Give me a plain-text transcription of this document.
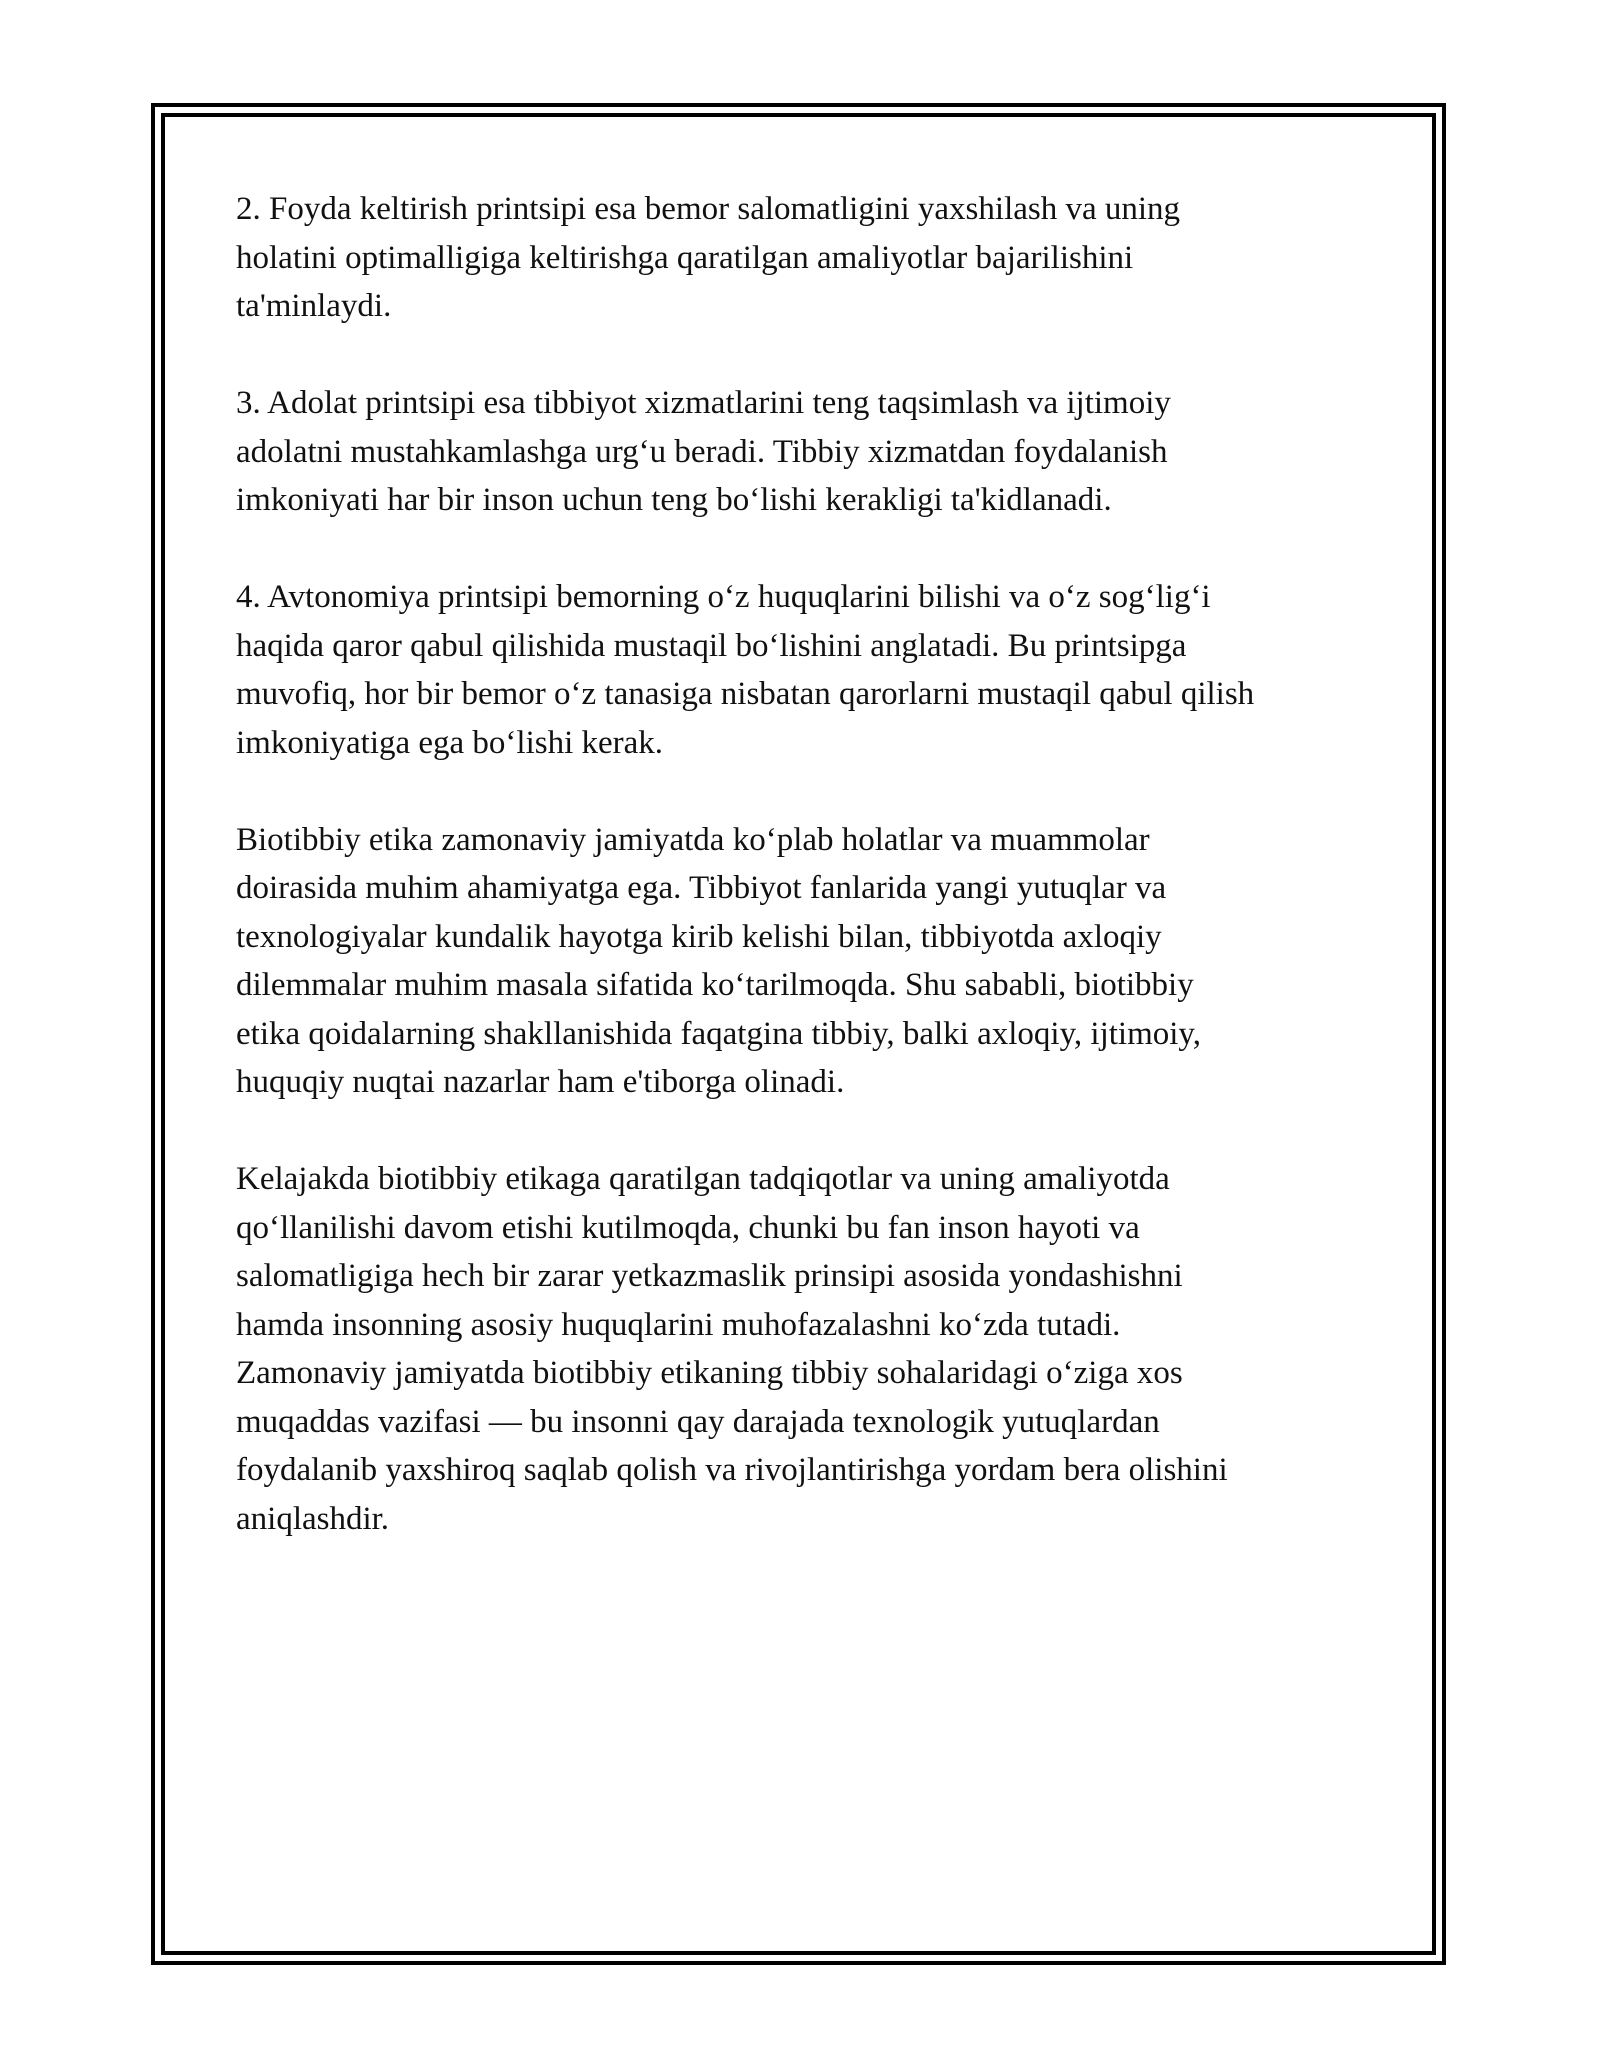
2. Foyda keltirish printsipi esa bemor salomatligini yaxshilash va uning
holatini optimalligiga keltirishga qaratilgan amaliyotlar bajarilishini
ta'minlaydi.

3. Adolat printsipi esa tibbiyot xizmatlarini teng taqsimlash va ijtimoiy
adolatni mustahkamlashga urg‘u beradi. Tibbiy xizmatdan foydalanish
imkoniyati har bir inson uchun teng bo‘lishi kerakligi ta'kidlanadi.

4. Avtonomiya printsipi bemorning o‘z huquqlarini bilishi va o‘z sog‘lig‘i
haqida qaror qabul qilishida mustaqil bo‘lishini anglatadi. Bu printsipga
muvofiq, hor bir bemor o‘z tanasiga nisbatan qarorlarni mustaqil qabul qilish
imkoniyatiga ega bo‘lishi kerak.

Biotibbiy etika zamonaviy jamiyatda ko‘plab holatlar va muammolar
doirasida muhim ahamiyatga ega. Tibbiyot fanlarida yangi yutuqlar va
texnologiyalar kundalik hayotga kirib kelishi bilan, tibbiyotda axloqiy
dilemmalar muhim masala sifatida ko‘tarilmoqda. Shu sababli, biotibbiy
etika qoidalarning shakllanishida faqatgina tibbiy, balki axloqiy, ijtimoiy,
huquqiy nuqtai nazarlar ham e'tiborga olinadi.

Kelajakda biotibbiy etikaga qaratilgan tadqiqotlar va uning amaliyotda
qo‘llanilishi davom etishi kutilmoqda, chunki bu fan inson hayoti va
salomatligiga hech bir zarar yetkazmaslik prinsipi asosida yondashishni
hamda insonning asosiy huquqlarini muhofazalashni ko‘zda tutadi.
Zamonaviy jamiyatda biotibbiy etikaning tibbiy sohalaridagi o‘ziga xos
muqaddas vazifasi — bu insonni qay darajada texnologik yutuqlardan
foydalanib yaxshiroq saqlab qolish va rivojlantirishga yordam bera olishini
aniqlashdir.
